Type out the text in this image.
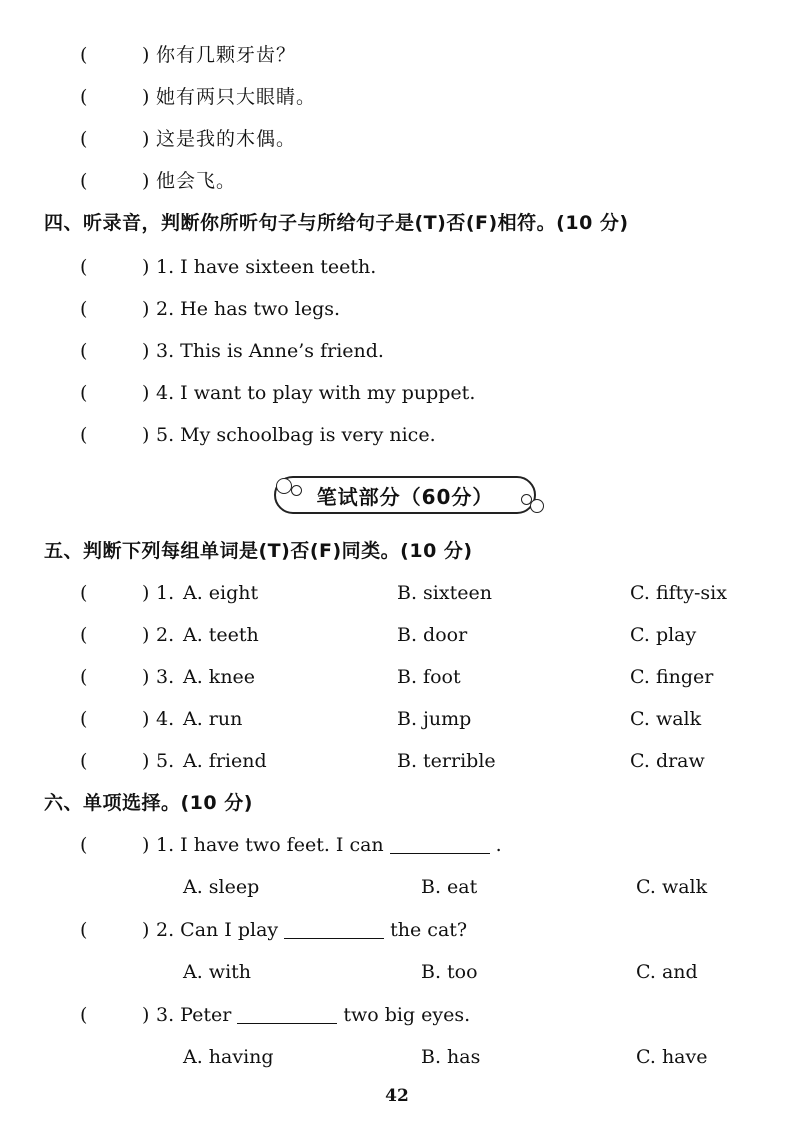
(	) 你有几颗牙齿？
(	) 她有两只大眼睛。
(	) 这是我的木偶。
(	) 他会飞。
四、听录音，判断你所听句子与所给句子是(T)否(F)相符。(10 分)
(	) 1. I have sixteen teeth.
(	) 2. He has two legs.
(	) 3. This is Anne’s friend.
(	) 4. I want to play with my puppet.
(	) 5. My schoolbag is very nice.
笔试部分（60分）
五、判断下列每组单词是(T)否(F)同类。(10 分)
(	) 1. A. eight	B. sixteen	C. fifty-six
(	) 2. A. teeth	B. door	C. play
(	) 3. A. knee	B. foot	C. finger
(	) 4. A. run	B. jump	C. walk
(	) 5. A. friend	B. terrible	C. draw
六、单项选择。(10 分)
(	) 1. I have two feet. I can	.
A. sleep	B. eat	C. walk
(	) 2. Can I play	the cat?
A. with	B. too	C. and
(	) 3. Peter	two big eyes.
A. having	B. has	C. have
42
